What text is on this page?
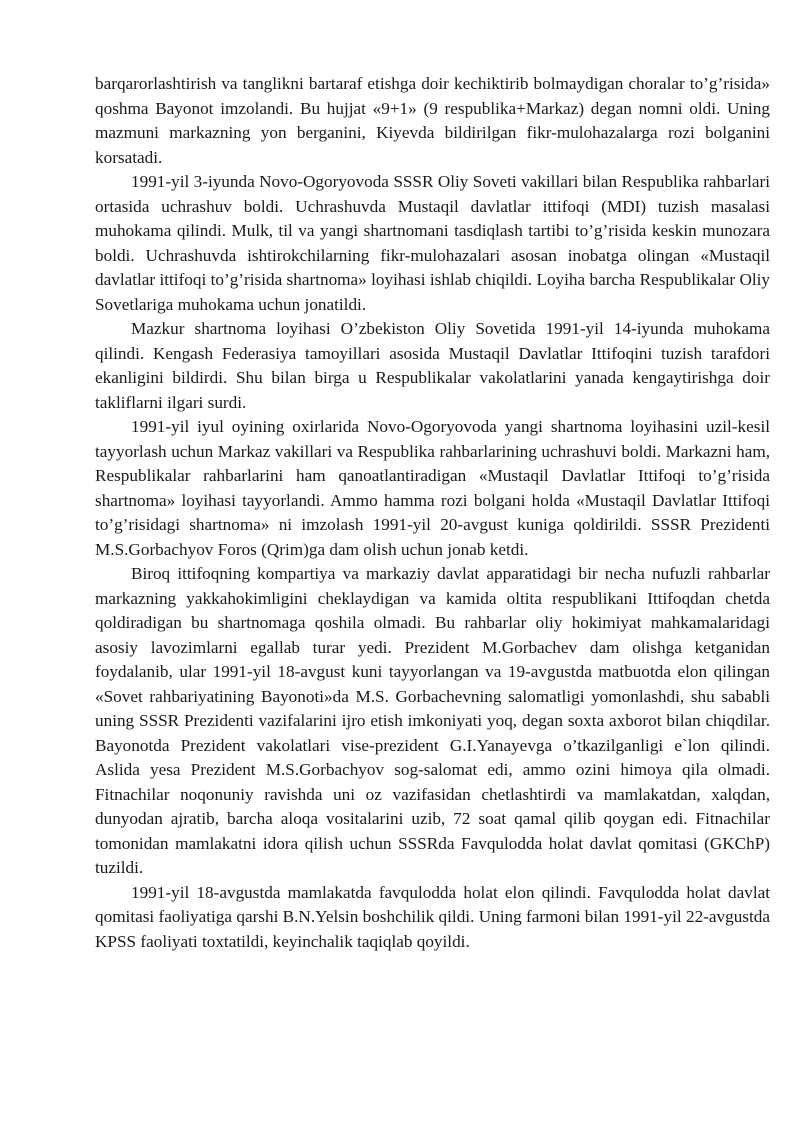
barqarorlashtirish va tanglikni bartaraf etishga doir kechiktirib bolmaydigan choralar to’g’risida» qoshma Bayonot imzolandi. Bu hujjat «9+1» (9 respublika+Markaz) degan nomni oldi. Uning mazmuni markazning yon berganini, Kiyevda bildirilgan fikr-mulohazalarga rozi bolganini korsatadi.

1991-yil 3-iyunda Novo-Ogoryovoda SSSR Oliy Soveti vakillari bilan Respublika rahbarlari ortasida uchrashuv boldi. Uchrashuvda Mustaqil davlatlar ittifoqi (MDI) tuzish masalasi muhokama qilindi. Mulk, til va yangi shartnomani tasdiqlash tartibi to’g’risida keskin munozara boldi. Uchrashuvda ishtirokchilarning fikr-mulohazalari asosan inobatga olingan «Mustaqil davlatlar ittifoqi to’g’risida shartnoma» loyihasi ishlab chiqildi. Loyiha barcha Respublikalar Oliy Sovetlariga muhokama uchun jonatildi.

Mazkur shartnoma loyihasi O’zbekiston Oliy Sovetida 1991-yil 14-iyunda muhokama qilindi. Kengash Federasiya tamoyillari asosida Mustaqil Davlatlar Ittifoqini tuzish tarafdori ekanligini bildirdi. Shu bilan birga u Respublikalar vakolatlarini yanada kengaytirishga doir takliflarni ilgari surdi.

1991-yil iyul oyining oxirlarida Novo-Ogoryovoda yangi shartnoma loyihasini uzil-kesil tayyorlash uchun Markaz vakillari va Respublika rahbarlarining uchrashuvi boldi. Markazni ham, Respublikalar rahbarlarini ham qanoatlantiradigan «Mustaqil Davlatlar Ittifoqi to’g’risida shartnoma» loyihasi tayyorlandi. Ammo hamma rozi bolgani holda «Mustaqil Davlatlar Ittifoqi to’g’risidagi shartnoma» ni imzolash 1991-yil 20-avgust kuniga qoldirildi. SSSR Prezidenti M.S.Gorbachyov Foros (Qrim)ga dam olish uchun jonab ketdi.

Biroq ittifoqning kompartiya va markaziy davlat apparatidagi bir necha nufuzli rahbarlar markazning yakkahokimligini cheklaydigan va kamida oltita respublikani Ittifoqdan chetda qoldiradigan bu shartnomaga qoshila olmadi. Bu rahbarlar oliy hokimiyat mahkamalaridagi asosiy lavozimlarni egallab turar yedi. Prezident M.Gorbachev dam olishga ketganidan foydalanib, ular 1991-yil 18-avgust kuni tayyorlangan va 19-avgustda matbuotda elon qilingan «Sovet rahbariyatining Bayonoti»da M.S. Gorbachevning salomatligi yomonlashdi, shu sababli uning SSSR Prezidenti vazifalarini ijro etish imkoniyati yoq, degan soxta axborot bilan chiqdilar. Bayonotda Prezident vakolatlari vise-prezident G.I.Yanayevga o’tkazilganligi e`lon qilindi. Aslida yesa Prezident M.S.Gorbachyov sog-salomat edi, ammo ozini himoya qila olmadi. Fitnachilar noqonuniy ravishda uni oz vazifasidan chetlashtirdi va mamlakatdan, xalqdan, dunyodan ajratib, barcha aloqa vositalarini uzib, 72 soat qamal qilib qoygan edi. Fitnachilar tomonidan mamlakatni idora qilish uchun SSSRda Favqulodda holat davlat qomitasi (GKChP) tuzildi.

1991-yil 18-avgustda mamlakatda favqulodda holat elon qilindi. Favqulodda holat davlat qomitasi faoliyatiga qarshi B.N.Yelsin boshchilik qildi. Uning farmoni bilan 1991-yil 22-avgustda KPSS faoliyati toxtatildi, keyinchalik taqiqlab qoyildi.
